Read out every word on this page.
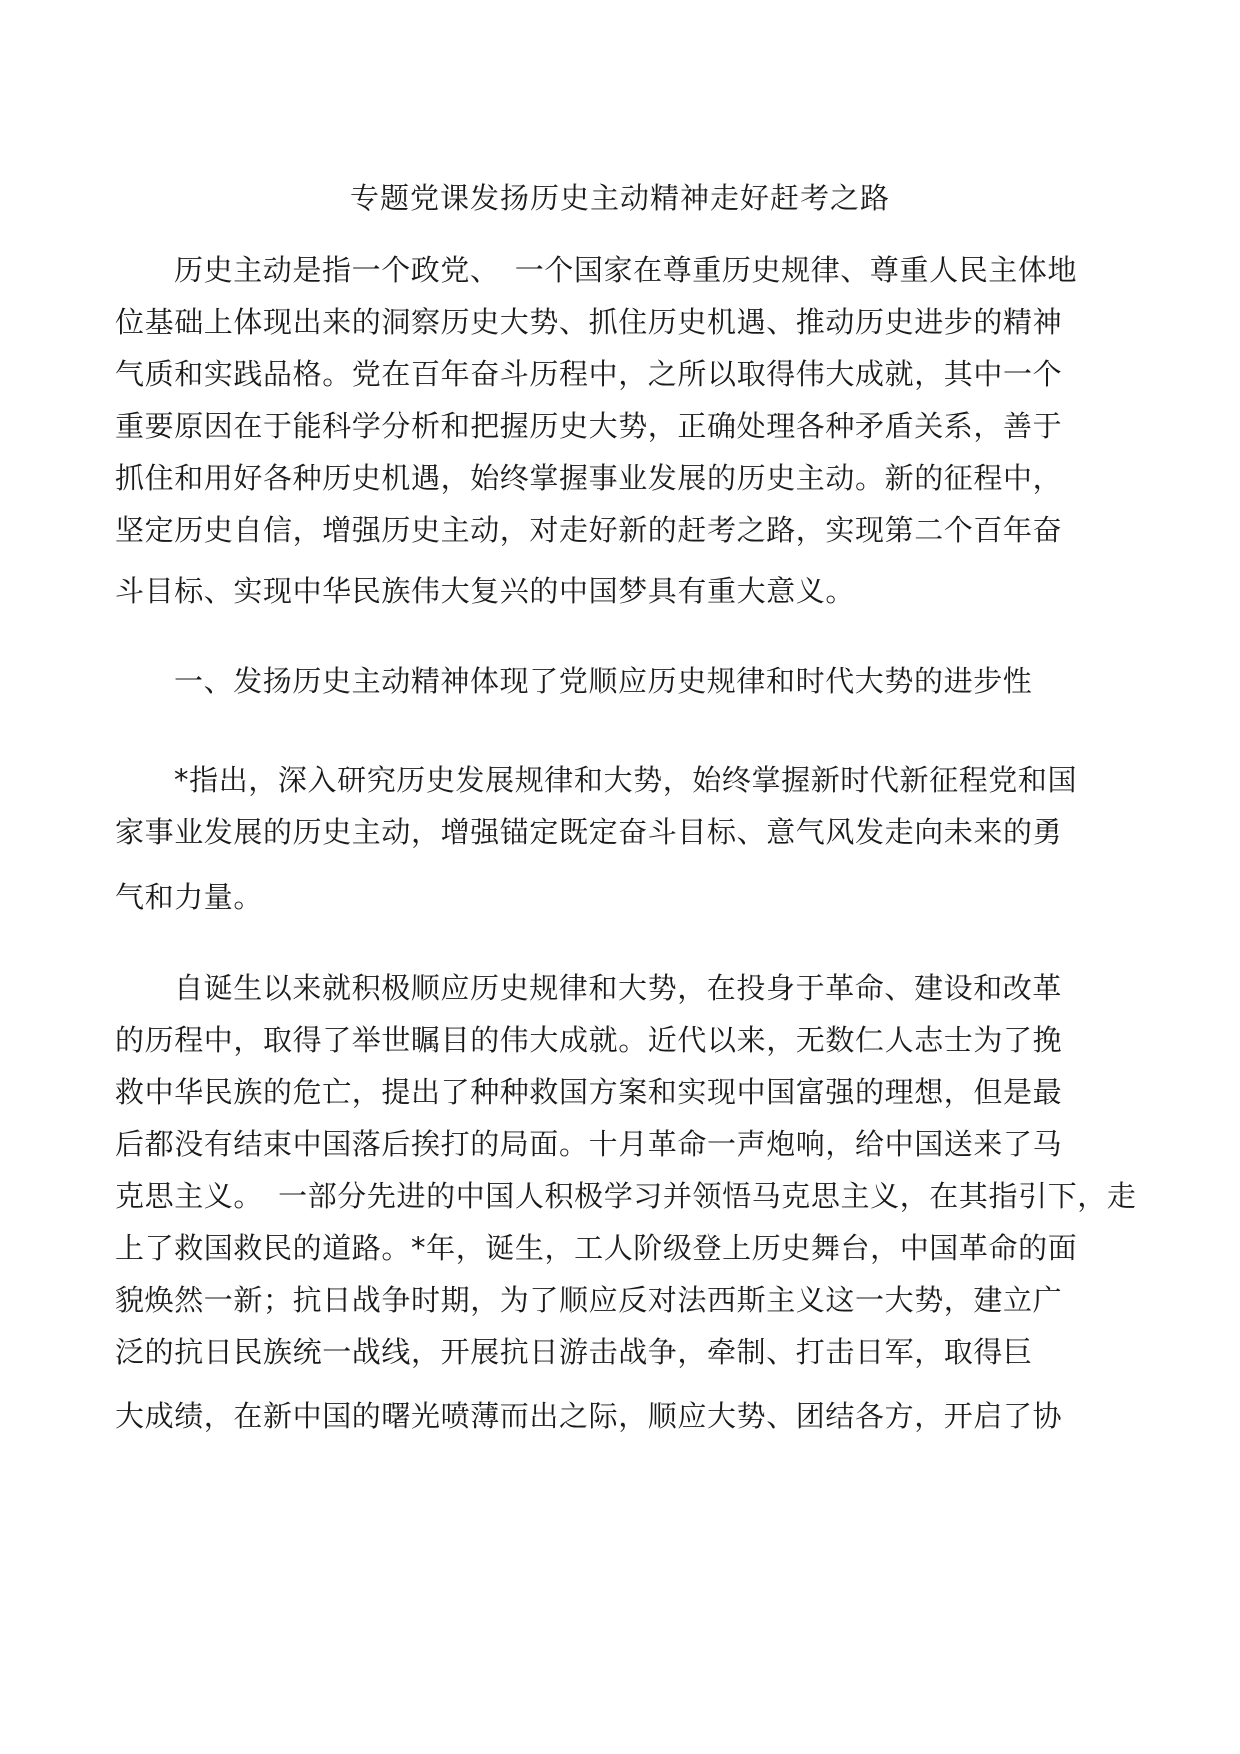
专题党课发扬历史主动精神走好赶考之路
历史主动是指一个政党、　一个国家在尊重历史规律、尊重人民主体地
位基础上体现出来的洞察历史大势、抓住历史机遇、推动历史进步的精神
气质和实践品格。党在百年奋斗历程中，之所以取得伟大成就，其中一个
重要原因在于能科学分析和把握历史大势，正确处理各种矛盾关系，善于
抓住和用好各种历史机遇，始终掌握事业发展的历史主动。新的征程中，
坚定历史自信，增强历史主动，对走好新的赶考之路，实现第二个百年奋
斗目标、实现中华民族伟大复兴的中国梦具有重大意义。
一、发扬历史主动精神体现了党顺应历史规律和时代大势的进步性
*指出，深入研究历史发展规律和大势，始终掌握新时代新征程党和国
家事业发展的历史主动，增强锚定既定奋斗目标、意气风发走向未来的勇
气和力量。
自诞生以来就积极顺应历史规律和大势，在投身于革命、建设和改革
的历程中，取得了举世瞩目的伟大成就。近代以来，无数仁人志士为了挽
救中华民族的危亡，提出了种种救国方案和实现中国富强的理想，但是最
后都没有结束中国落后挨打的局面。十月革命一声炮响，给中国送来了马
克思主义。　一部分先进的中国人积极学习并领悟马克思主义，在其指引下，走
上了救国救民的道路。*年，诞生，工人阶级登上历史舞台，中国革命的面
貌焕然一新；抗日战争时期，为了顺应反对法西斯主义这一大势，建立广
泛的抗日民族统一战线，开展抗日游击战争，牵制、打击日军，取得巨
大成绩，在新中国的曙光喷薄而出之际，顺应大势、团结各方，开启了协
